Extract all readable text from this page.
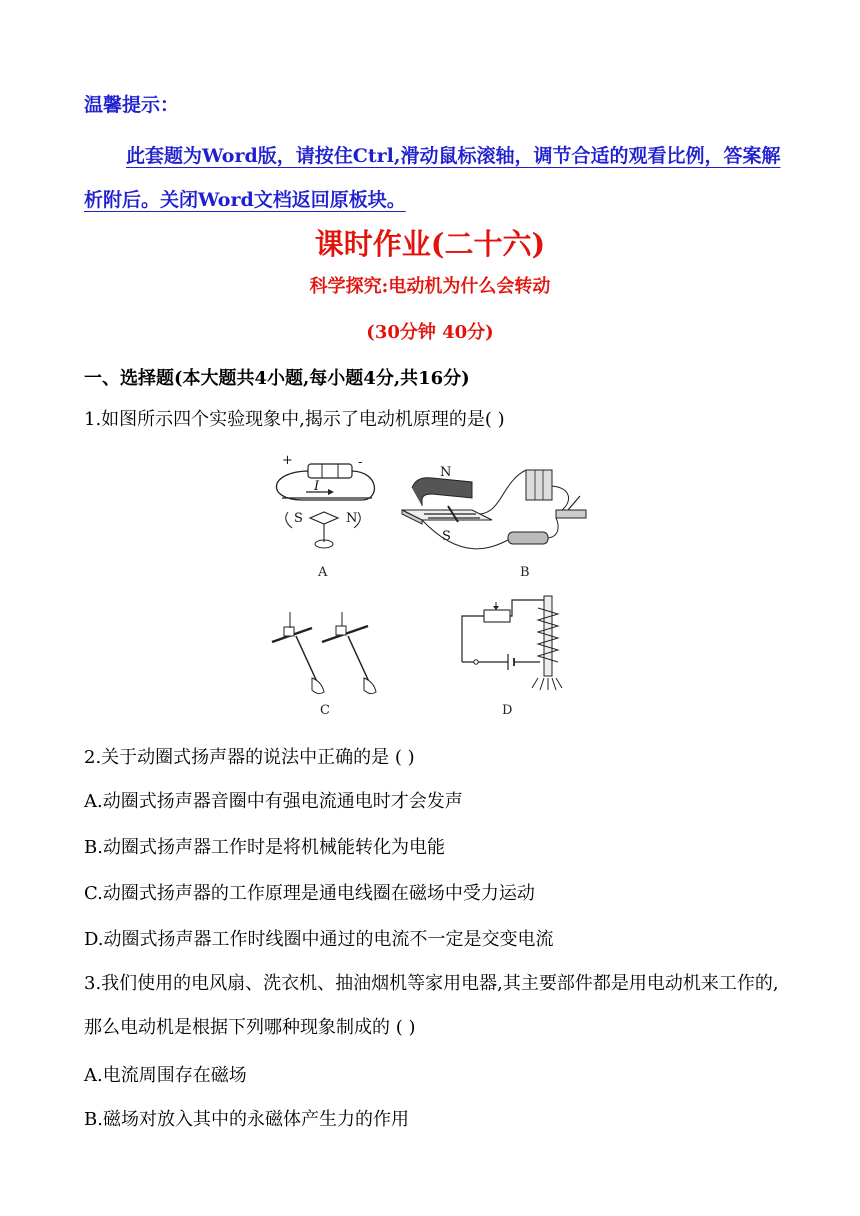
温馨提示：
此套题为Word版，请按住Ctrl,滑动鼠标滚轴，调节合适的观看比例，答案解析附后。关闭Word文档返回原板块。
课时作业(二十六)
科学探究:电动机为什么会转动
(30分钟 40分)
一、选择题(本大题共4小题,每小题4分,共16分)
1.如图所示四个实验现象中,揭示了电动机原理的是( )
+	-
I
S	N
A
N
S
B
C	D
2.关于动圈式扬声器的说法中正确的是 ( )
A.动圈式扬声器音圈中有强电流通电时才会发声
B.动圈式扬声器工作时是将机械能转化为电能
C.动圈式扬声器的工作原理是通电线圈在磁场中受力运动
D.动圈式扬声器工作时线圈中通过的电流不一定是交变电流
3.我们使用的电风扇、洗衣机、抽油烟机等家用电器,其主要部件都是用电动机来工作的,那么电动机是根据下列哪种现象制成的 ( )
A.电流周围存在磁场
B.磁场对放入其中的永磁体产生力的作用
